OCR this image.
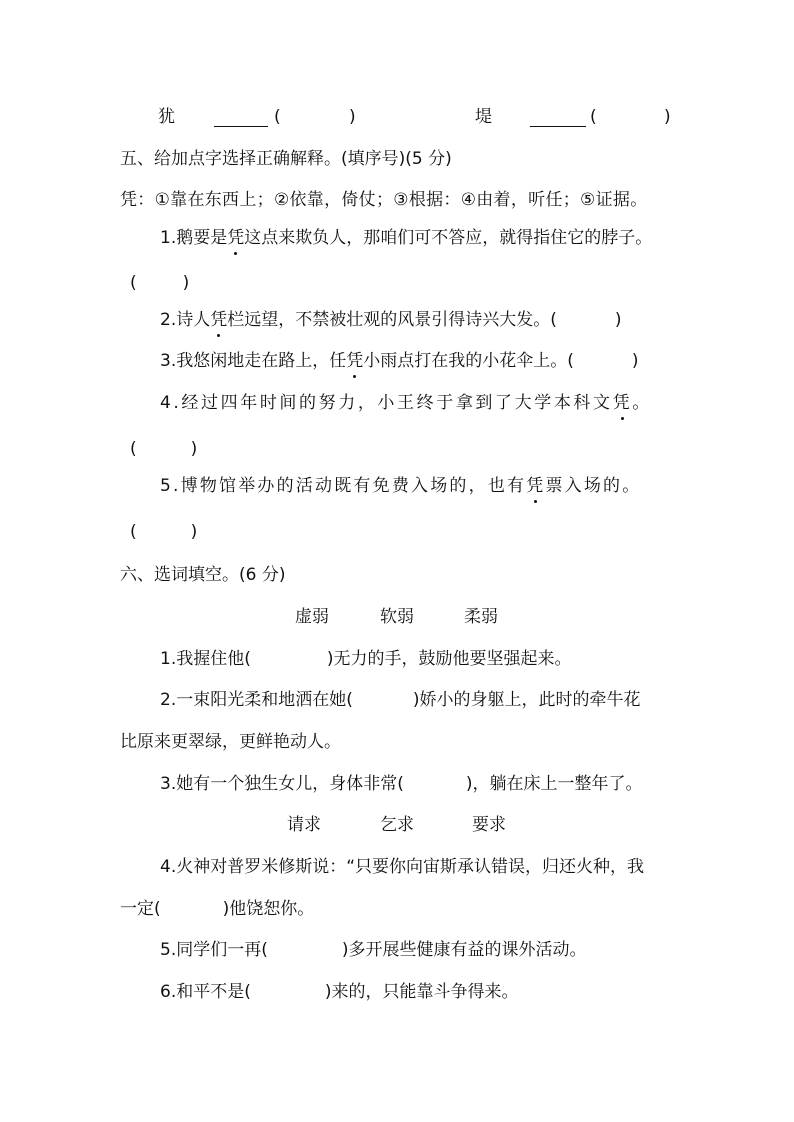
犹	(	)	堤	(	)
五、给加点字选择正确解释。(填序号)(5 分)
凭：①靠在东西上；②依靠，倚仗；③根据：④由着，听任；⑤证据。
1.鹅要是凭这点来欺负人，那咱们可不答应，就得指住它的脖子。
(	)
2.诗人凭栏远望，不禁被壮观的风景引得诗兴大发。(	)
3.我悠闲地走在路上，任凭小雨点打在我的小花伞上。(	)
4.经过四年时间的努力，小王终于拿到了大学本科文凭。
(	)
5.博物馆举办的活动既有免费入场的，也有凭票入场的。
(	)
六、选词填空。(6 分)
虚弱	软弱	柔弱
1.我握住他(	)无力的手，鼓励他要坚强起来。
2.一束阳光柔和地洒在她(	)娇小的身躯上，此时的牵牛花
比原来更翠绿，更鲜艳动人。
3.她有一个独生女儿，身体非常(	)，躺在床上一整年了。
请求	乞求	要求
4.火神对普罗米修斯说：“只要你向宙斯承认错误，归还火种，我
一定(	)他饶恕你。
5.同学们一再(	)多开展些健康有益的课外活动。
6.和平不是(	)来的，只能靠斗争得来。
